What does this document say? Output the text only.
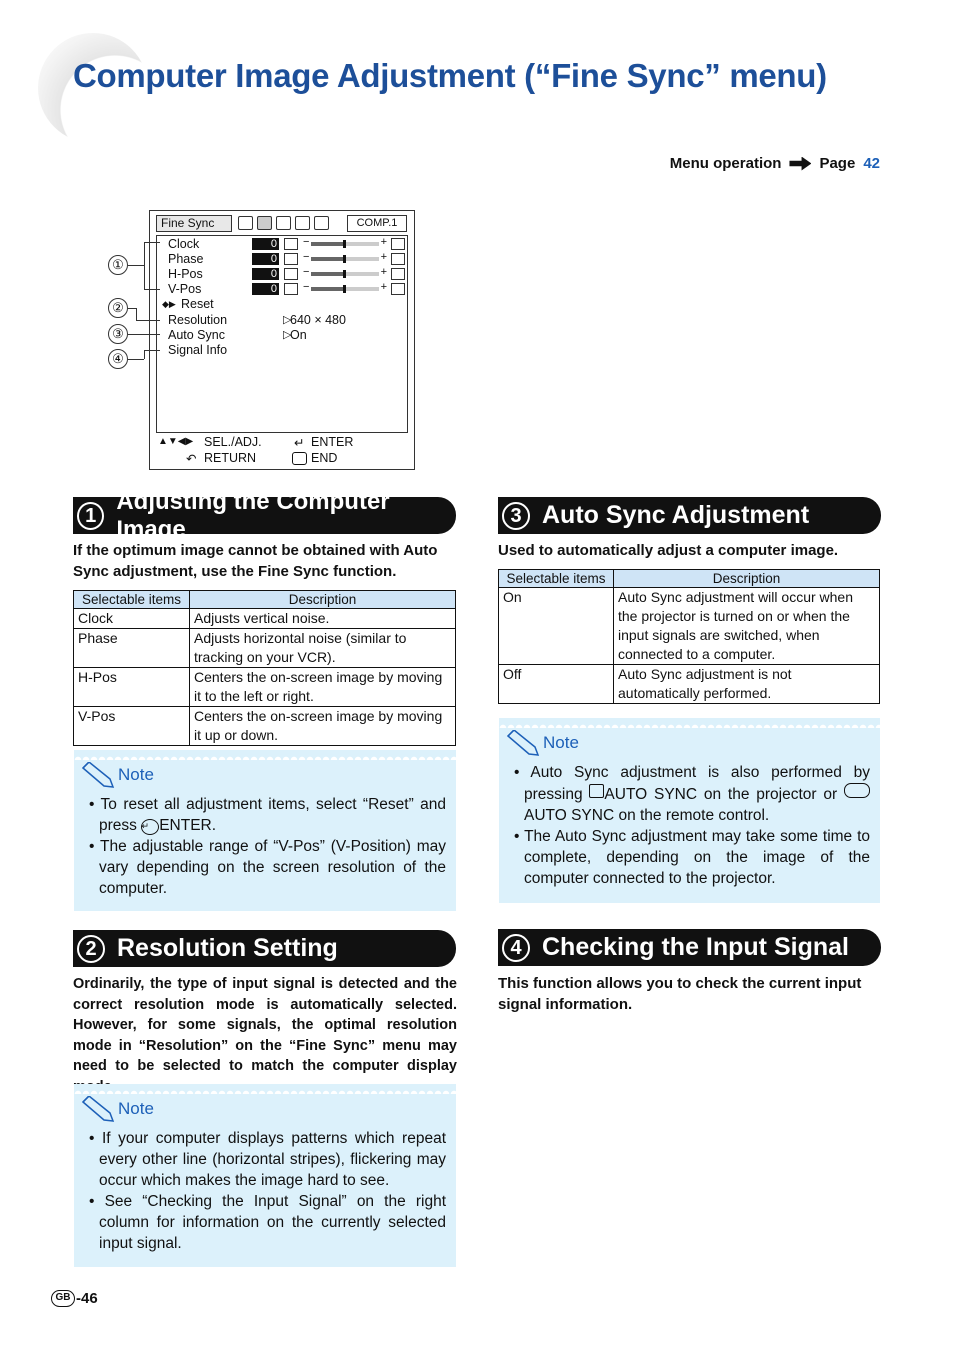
Computer Image Adjustment (“Fine Sync” menu)
Menu operation	Page 42
Fine Sync	COMP.1
Clock
Phase
H-Pos
V-Pos
Reset
Resolution
Auto Sync
Signal Info
◆▶
0
0
0
0
−	+
−	+
−	+
−	+
▷
640 × 480
▷
On
▲▼◀▶ SEL./ADJ.	↵ ENTER
↶ RETURN	END
①
②
③
④
1
Adjusting the Computer Image
If the optimum image cannot be obtained with Auto Sync adjustment, use the Fine Sync function.
Selectable items	Description
Clock	Adjusts vertical noise.
Phase	Adjusts horizontal noise (similar to tracking on your VCR).
H-Pos	Centers the on-screen image by moving it to the left or right.
V-Pos	Centers the on-screen image by moving it up or down.
Note
• To reset all adjustment items, select “Reset” and press ↵ ENTER.
• The adjustable range of “V-Pos” (V-Position) may vary depending on the screen resolution of the computer.
2 Resolution Setting
Ordinarily, the type of input signal is detected and the correct resolution mode is automatically selected. However, for some signals, the optimal resolution mode in “Resolution” on the “Fine Sync” menu may need to be selected to match the computer display
Note
• If your computer displays patterns which repeat every other line (horizontal stripes), flickering may occur which makes the image hard to see.
• See “Checking the Input Signal” on the right column for information on the currently selected input signal.
3 Auto Sync Adjustment
Used to automatically adjust a computer image.
Selectable items	Description
On	Auto Sync adjustment will occur when the projector is turned on or when the input signals are switched, when connected to a computer.
Off	Auto Sync adjustment is not automatically performed.
Note
• Auto Sync adjustment is also performed by pressing AUTO SYNC on the projector or AUTO SYNC on the remote control.
• The Auto Sync adjustment may take some time to complete, depending on the image of the computer connected to the projector.
4 Checking the Input Signal
This function allows you to check the current input signal information.
GB -46
